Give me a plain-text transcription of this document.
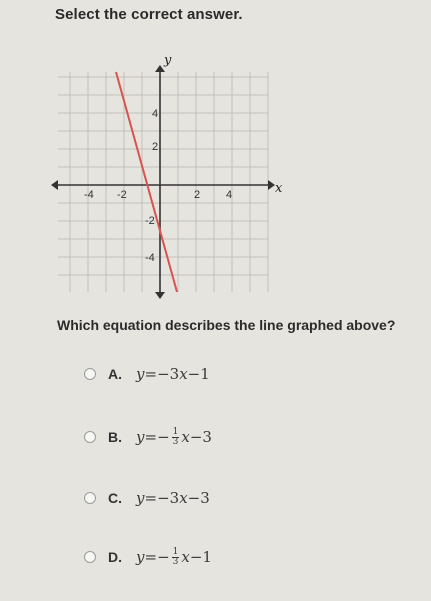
Select the correct answer.
y
x
4
2
-2
-4
-4 -2	2 4
Which equation describes the line graphed above?
A. y = − 3 x − 1
B. y = − $\frac{1}{3}$ x − 3
C. y = − 3 x − 3
D. y = − $\frac{1}{3}$ x − 1
